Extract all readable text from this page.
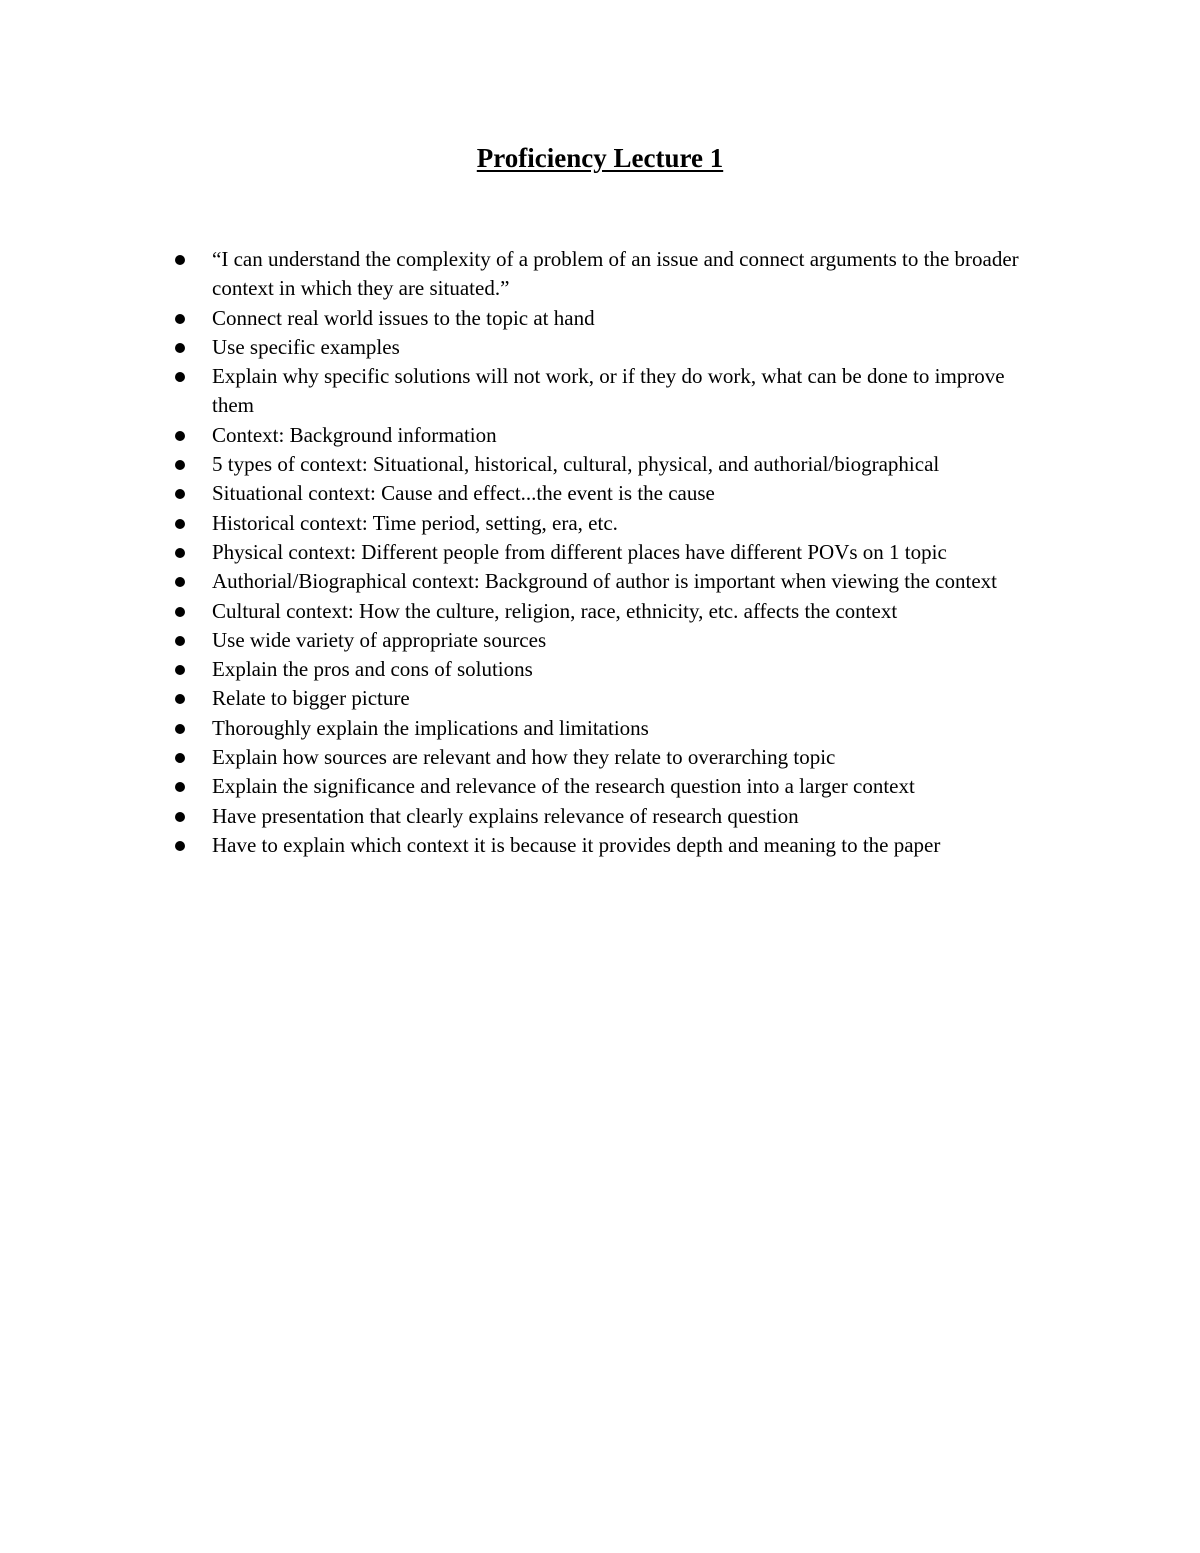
Proficiency Lecture 1
“I can understand the complexity of a problem of an issue and connect arguments to the broader context in which they are situated.”
Connect real world issues to the topic at hand
Use specific examples
Explain why specific solutions will not work, or if they do work, what can be done to improve them
Context: Background information
5 types of context: Situational, historical, cultural, physical, and authorial/biographical
Situational context: Cause and effect...the event is the cause
Historical context: Time period, setting, era, etc.
Physical context: Different people from different places have different POVs on 1 topic
Authorial/Biographical context: Background of author is important when viewing the context
Cultural context: How the culture, religion, race, ethnicity, etc. affects the context
Use wide variety of appropriate sources
Explain the pros and cons of solutions
Relate to bigger picture
Thoroughly explain the implications and limitations
Explain how sources are relevant and how they relate to overarching topic
Explain the significance and relevance of the research question into a larger context
Have presentation that clearly explains relevance of research question
Have to explain which context it is because it provides depth and meaning to the paper
